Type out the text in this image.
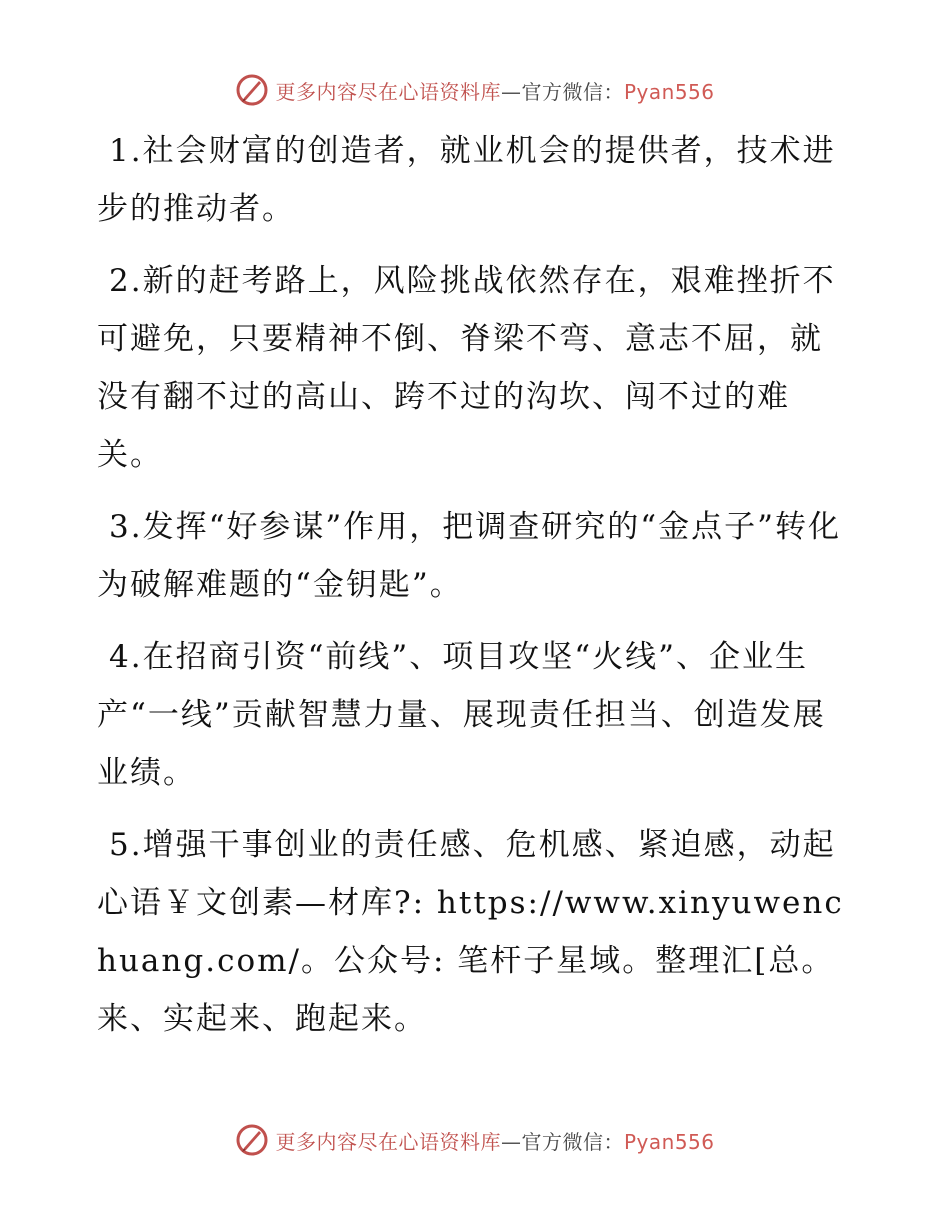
更多内容尽在心语资料库—官方微信：Pyan556

1.社会财富的创造者，就业机会的提供者，技术进步的推动者。

2.新的赶考路上，风险挑战依然存在，艰难挫折不可避免，只要精神不倒、脊梁不弯、意志不屈，就没有翻不过的高山、跨不过的沟坎、闯不过的难关。

3.发挥“好参谋”作用，把调查研究的“金点子”转化为破解难题的“金钥匙”。

4.在招商引资“前线”、项目攻坚“火线”、企业生产“一线”贡献智慧力量、展现责任担当、创造发展业绩。

5.增强干事创业的责任感、危机感、紧迫感，动起心语￥文创素—材库?: https://www.xinyuwenchuang.com/。公众号: 笔杆子星域。整理汇[总。来、实起来、跑起来。

更多内容尽在心语资料库—官方微信：Pyan556
